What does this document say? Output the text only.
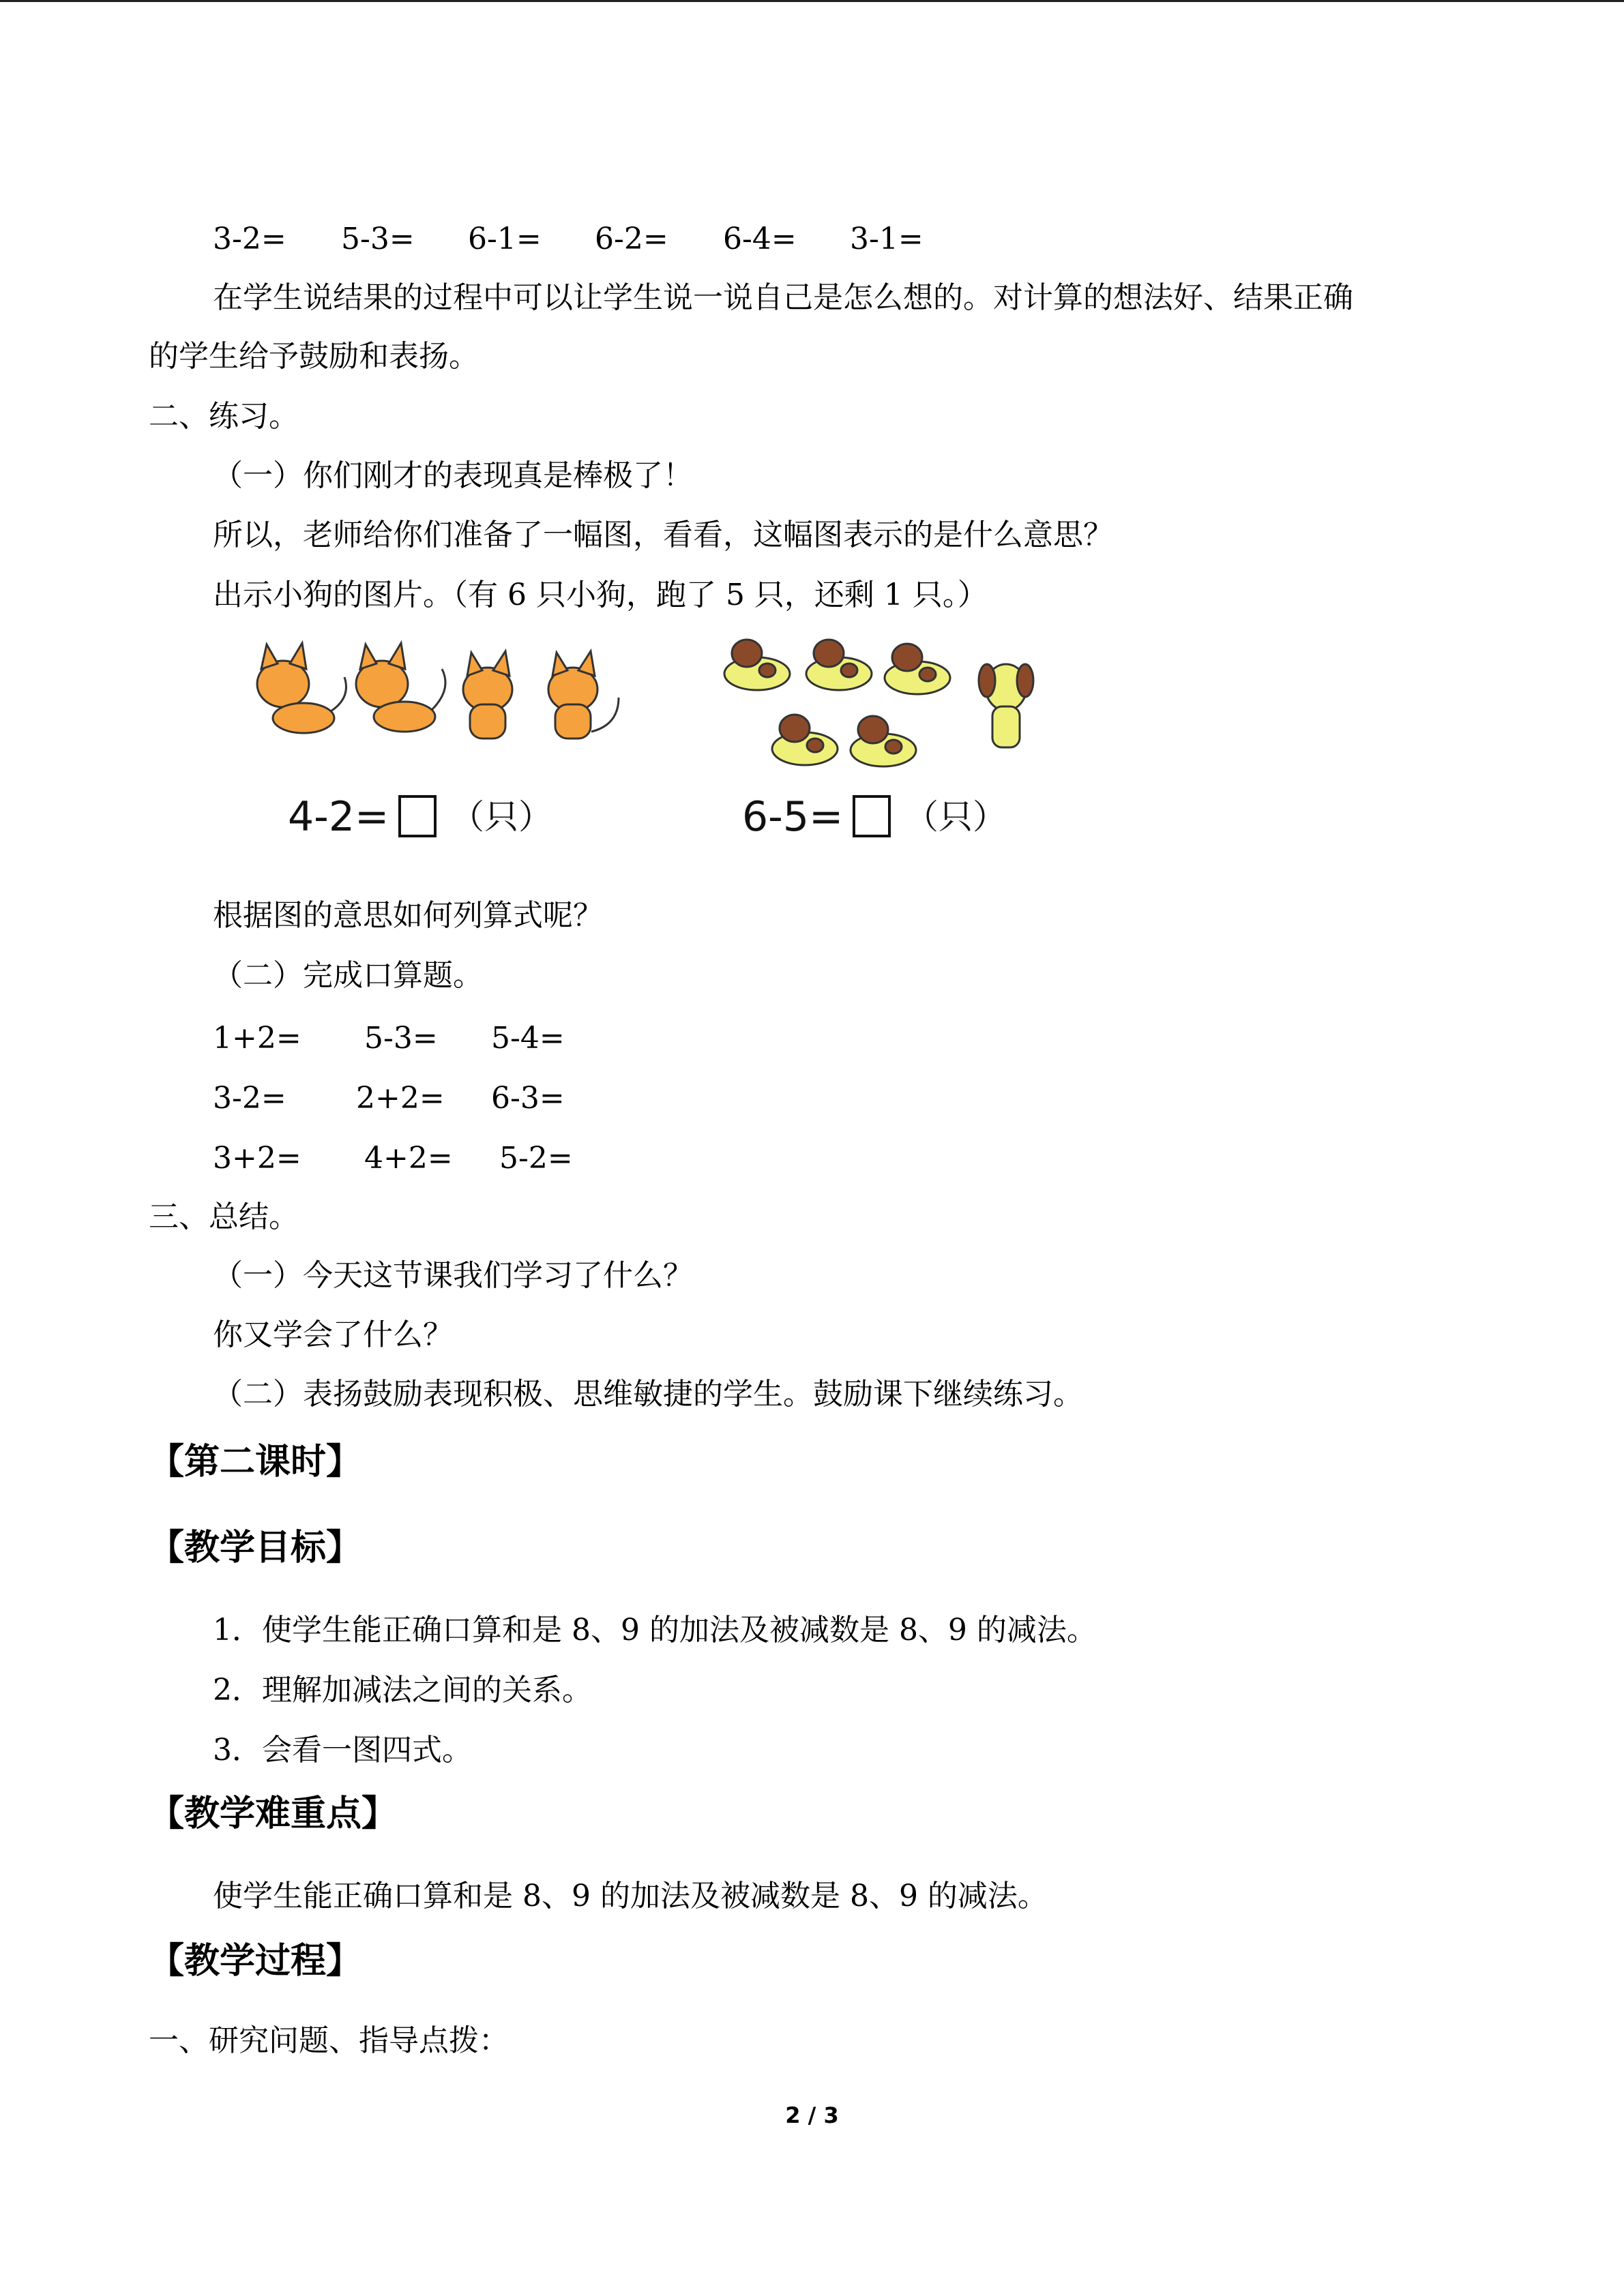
3-2= 5-3= 6-1= 6-2= 6-4= 3-1=
在学生说结果的过程中可以让学生说一说自己是怎么想的。对计算的想法好、结果正确
的学生给予鼓励和表扬。
二、练习。
（一）你们刚才的表现真是棒极了！
所以，老师给你们准备了一幅图，看看，这幅图表示的是什么意思？
出示小狗的图片。（有 6 只小狗，跑了 5 只，还剩 1 只。）
4-2= （只）	6-5= （只）
根据图的意思如何列算式呢？
（二）完成口算题。
1+2= 5-3= 5-4=
3-2= 2+2= 6-3=
3+2= 4+2= 5-2=
三、总结。
（一）今天这节课我们学习了什么？
你又学会了什么？
（二）表扬鼓励表现积极、思维敏捷的学生。鼓励课下继续练习。
【第二课时】
【教学目标】
1．使学生能正确口算和是 8、9 的加法及被减数是 8、9 的减法。
2．理解加减法之间的关系。
3．会看一图四式。
【教学难重点】
使学生能正确口算和是 8、9 的加法及被减数是 8、9 的减法。
【教学过程】
一、研究问题、指导点拨：
2 / 3
